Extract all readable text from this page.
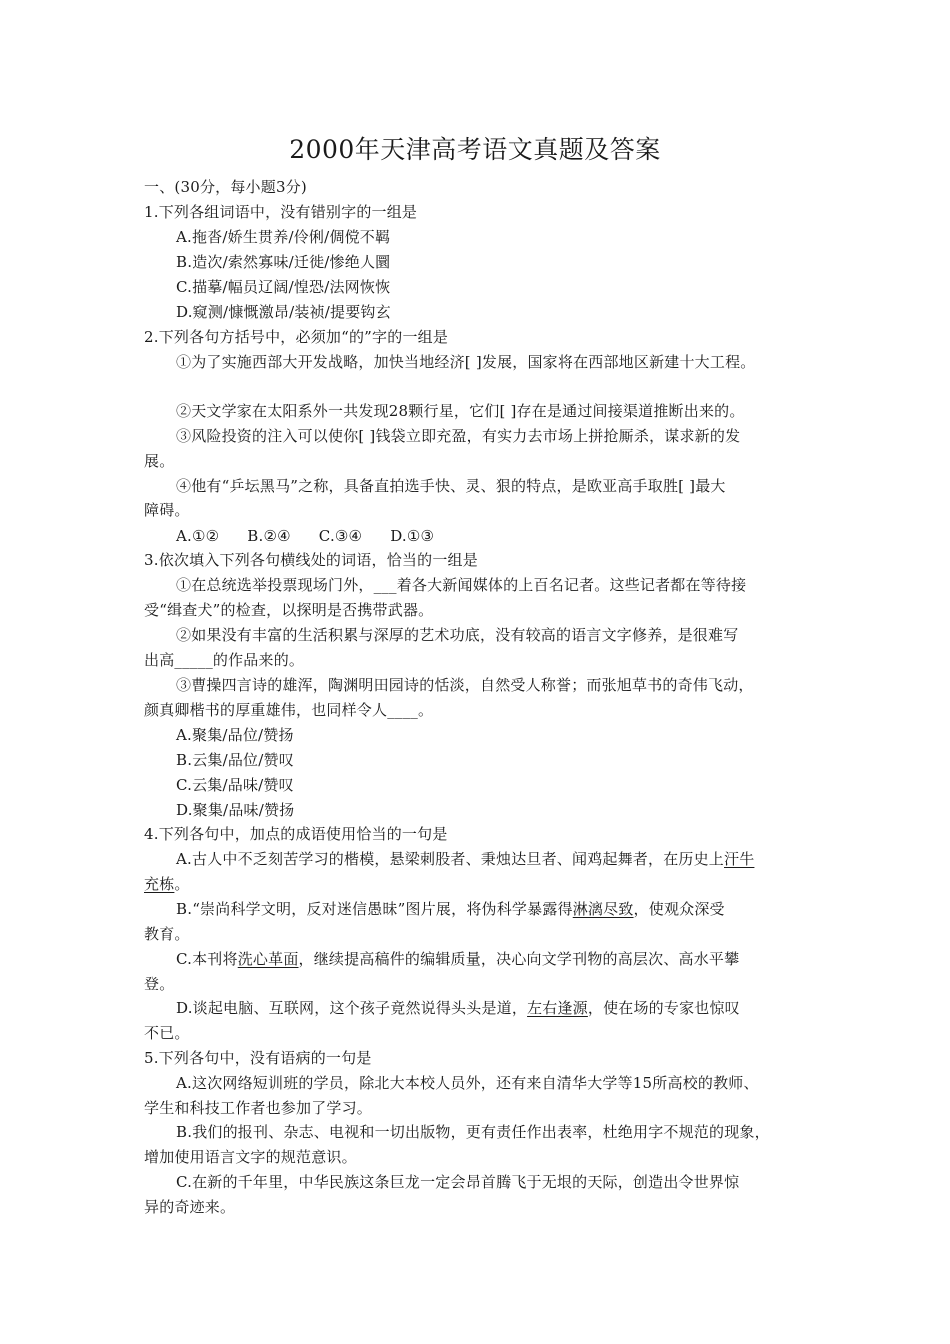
2000年天津高考语文真题及答案
一、(30分，每小题3分)
1.下列各组词语中，没有错别字的一组是
A.拖沓/娇生贯养/伶俐/倜傥不羁
B.造次/索然寡味/迁徙/惨绝人圜
C.描摹/幅员辽阔/惶恐/法网恢恢
D.窥测/慷慨激昂/装祯/提要钩玄
2.下列各句方括号中，必须加“的”字的一组是
①为了实施西部大开发战略，加快当地经济[ ]发展，国家将在西部地区新建十大工程。
②天文学家在太阳系外一共发现28颗行星，它们[ ]存在是通过间接渠道推断出来的。
③风险投资的注入可以使你[ ]钱袋立即充盈，有实力去市场上拼抢厮杀，谋求新的发
展。
④他有“乒坛黑马”之称，具备直拍选手快、灵、狠的特点，是欧亚高手取胜[ ]最大
障碍。
A.①② B.②④ C.③④ D.①③
3.依次填入下列各句横线处的词语，恰当的一组是
①在总统选举投票现场门外，___着各大新闻媒体的上百名记者。这些记者都在等待接
受“缉查犬”的检查，以探明是否携带武器。
②如果没有丰富的生活积累与深厚的艺术功底，没有较高的语言文字修养，是很难写
出高_____的作品来的。
③曹操四言诗的雄浑，陶渊明田园诗的恬淡，自然受人称誉；而张旭草书的奇伟飞动，
颜真卿楷书的厚重雄伟，也同样令人____。
A.聚集/品位/赞扬
B.云集/品位/赞叹
C.云集/品味/赞叹
D.聚集/品味/赞扬
4.下列各句中，加点的成语使用恰当的一句是
A.古人中不乏刻苦学习的楷模，悬梁刺股者、秉烛达旦者、闻鸡起舞者，在历史上汗牛
充栋。
B.“崇尚科学文明，反对迷信愚昧”图片展，将伪科学暴露得淋漓尽致，使观众深受
教育。
C.本刊将洗心革面，继续提高稿件的编辑质量，决心向文学刊物的高层次、高水平攀
登。
D.谈起电脑、互联网，这个孩子竟然说得头头是道，左右逢源，使在场的专家也惊叹
不已。
5.下列各句中，没有语病的一句是
A.这次网络短训班的学员，除北大本校人员外，还有来自清华大学等15所高校的教师、
学生和科技工作者也参加了学习。
B.我们的报刊、杂志、电视和一切出版物，更有责任作出表率，杜绝用字不规范的现象，
增加使用语言文字的规范意识。
C.在新的千年里，中华民族这条巨龙一定会昂首腾飞于无垠的天际，创造出令世界惊
异的奇迹来。
